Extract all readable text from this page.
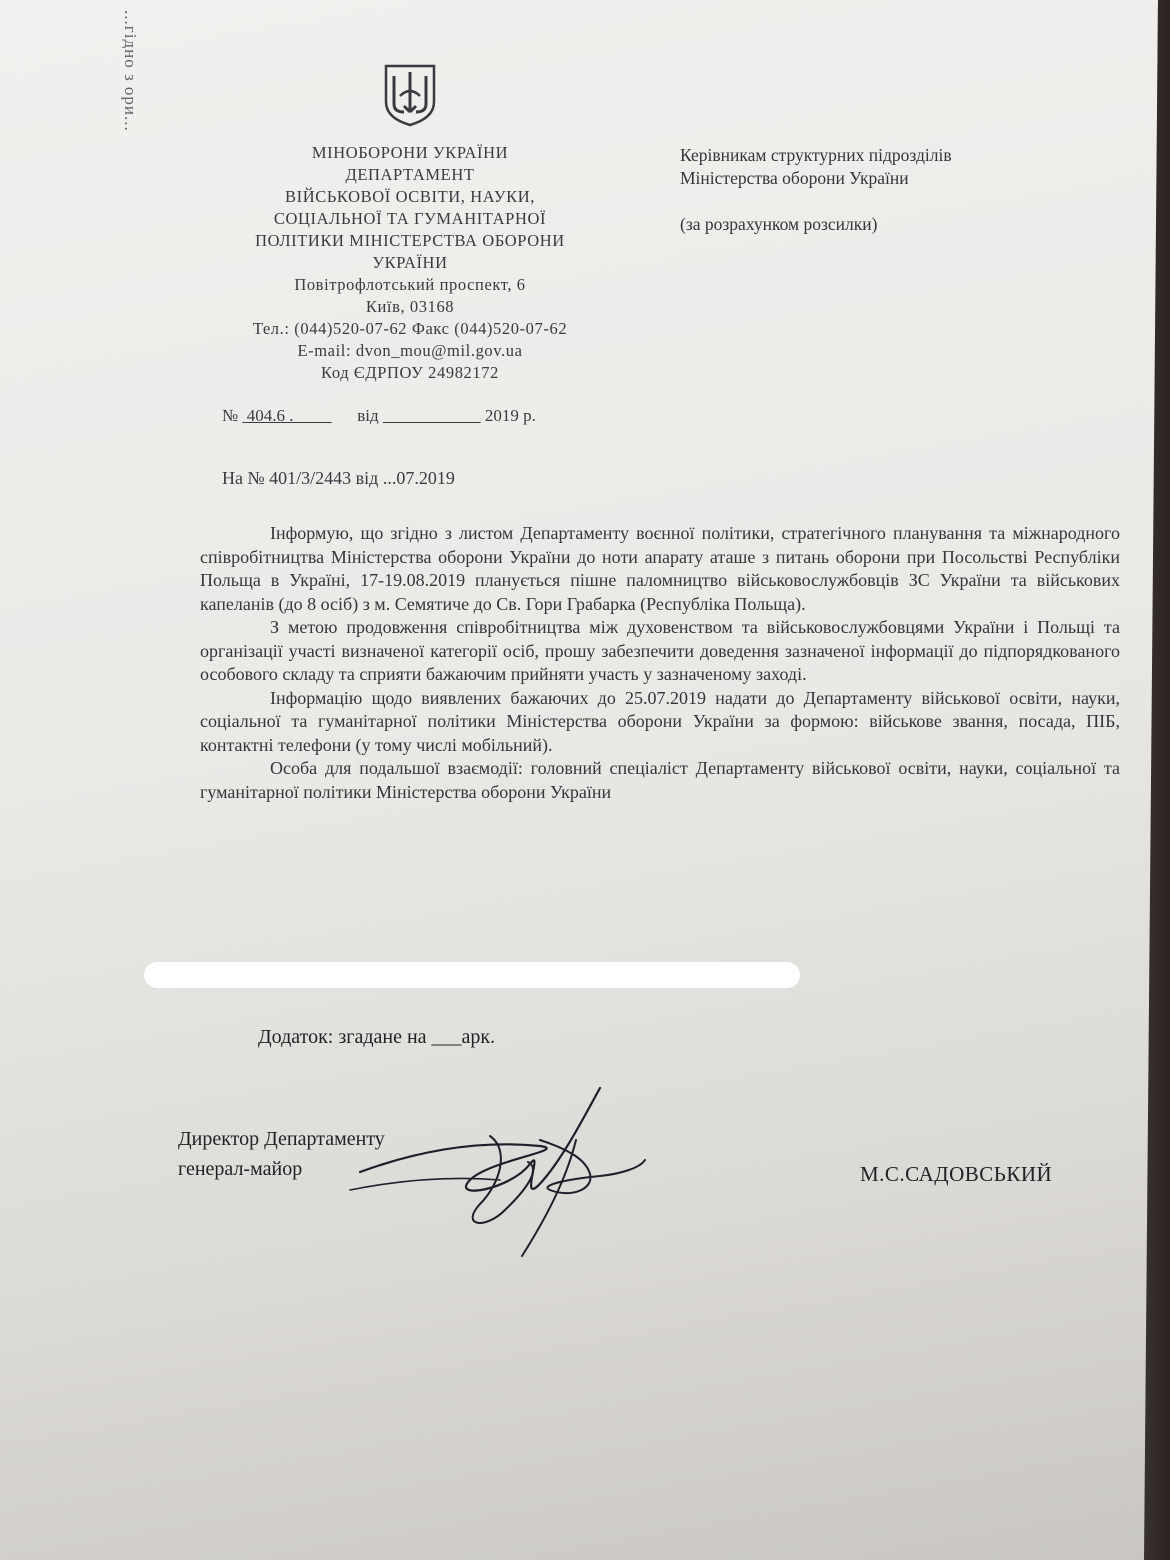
...гідно з ори...
МІНОБОРОНИ УКРАЇНИ
ДЕПАРТАМЕНТ
ВІЙСЬКОВОЇ ОСВІТИ, НАУКИ,
СОЦІАЛЬНОЇ ТА ГУМАНІТАРНОЇ
ПОЛІТИКИ МІНІСТЕРСТВА ОБОРОНИ
УКРАЇНИ
Повітрофлотський проспект, 6
Київ, 03168
Тел.: (044)520-07-62 Факс (044)520-07-62
E-mail: dvon_mou@mil.gov.ua
Код ЄДРПОУ 24982172
Керівникам структурних підрозділів
Міністерства оборони України
(за розрахунком розсилки)
№ 404.6 .               від	2019 р.
На № 401/3/2443 від ...07.2019

Інформую, що згідно з листом Департаменту воєнної політики, стратегічного планування та міжнародного співробітництва Міністерства оборони України до ноти апарату аташе з питань оборони при Посольстві Республіки Польща в Україні, 17-19.08.2019 планується пішне паломництво військовослужбовців ЗС України та військових капеланів (до 8 осіб) з м. Семятиче до Св. Гори Грабарка (Республіка Польща).

З метою продовження співробітництва між духовенством та військовослужбовцями України і Польщі та організації участі визначеної категорії осіб, прошу забезпечити доведення зазначеної інформації до підпорядкованого особового складу та сприяти бажаючим прийняти участь у зазначеному заході.

Інформацію щодо виявлених бажаючих до 25.07.2019 надати до Департаменту військової освіти, науки, соціальної та гуманітарної політики Міністерства оборони України за формою: військове звання, посада, ПІБ, контактні телефони (у тому числі мобільний).

Особа для подальшої взаємодії: головний спеціаліст Департаменту військової освіти, науки, соціальної та гуманітарної політики Міністерства оборони України

Додаток: згадане на ___арк.
Директор Департаменту
генерал-майор	М.С.САДОВСЬКИЙ
